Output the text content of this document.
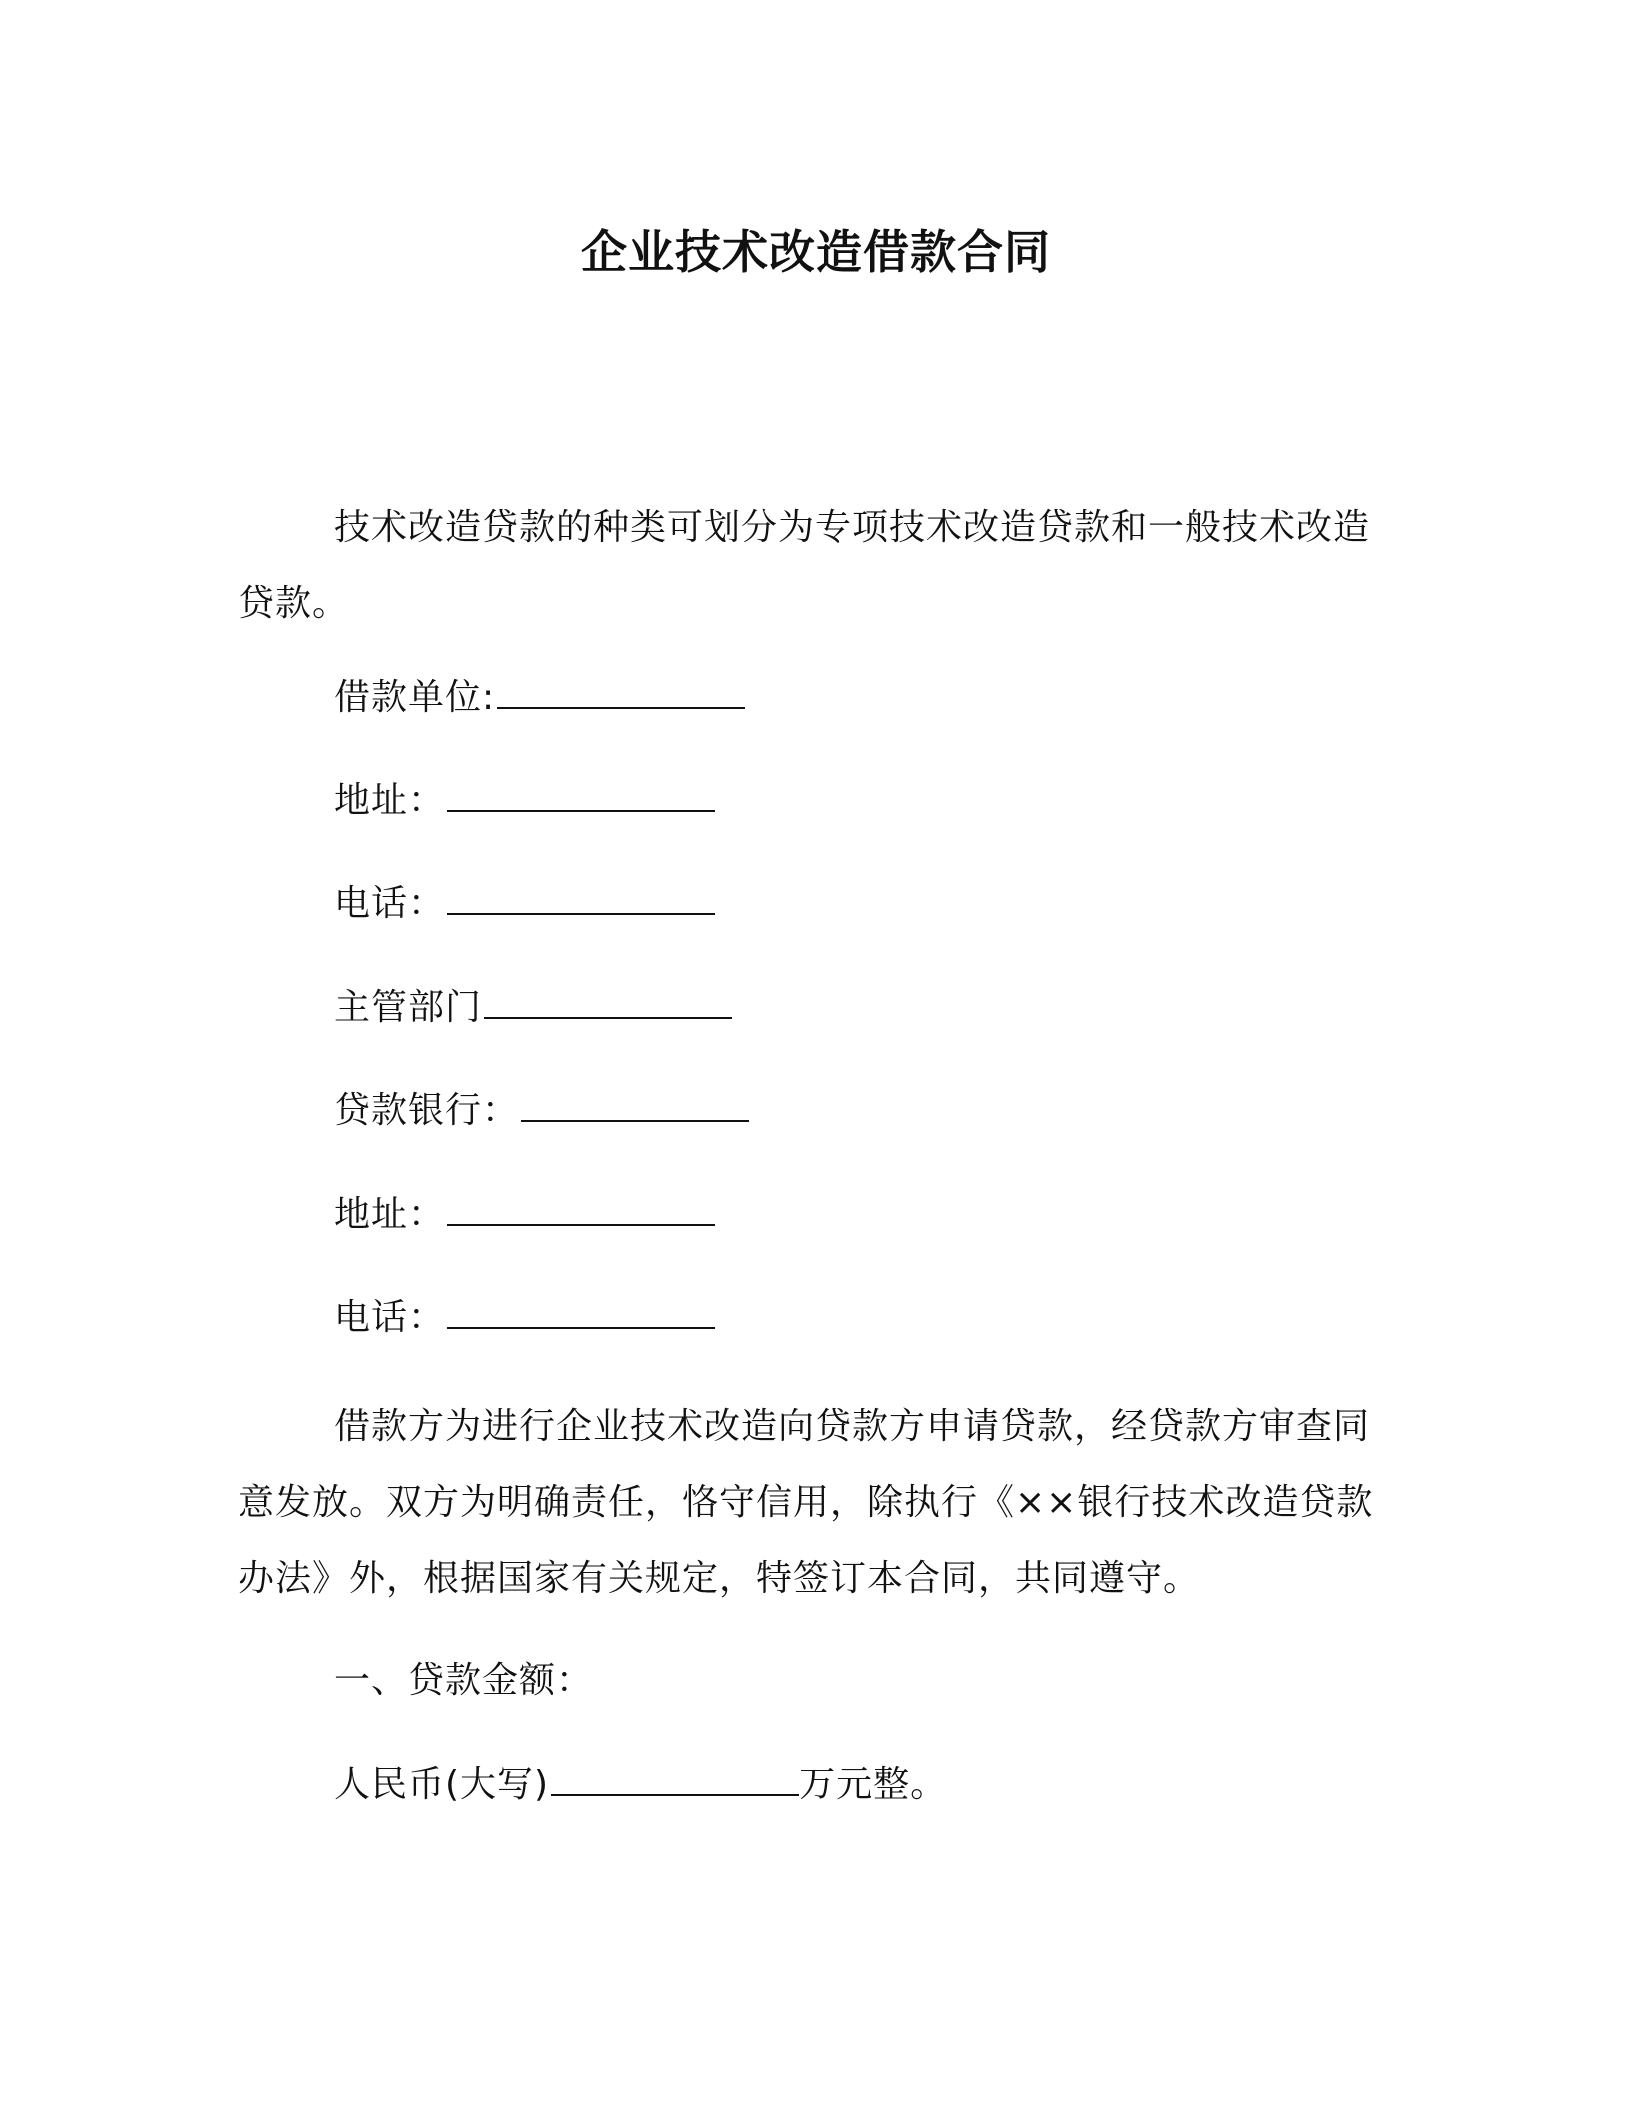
企业技术改造借款合同

技术改造贷款的种类可划分为专项技术改造贷款和一般技术改造贷款。

借款单位:
地址：
电话：
主管部门
贷款银行：
地址：
电话：

借款方为进行企业技术改造向贷款方申请贷款，经贷款方审查同意发放。双方为明确责任，恪守信用，除执行《××银行技术改造贷款办法》外，根据国家有关规定，特签订本合同，共同遵守。

一、贷款金额：
人民币(大写)	万元整。
